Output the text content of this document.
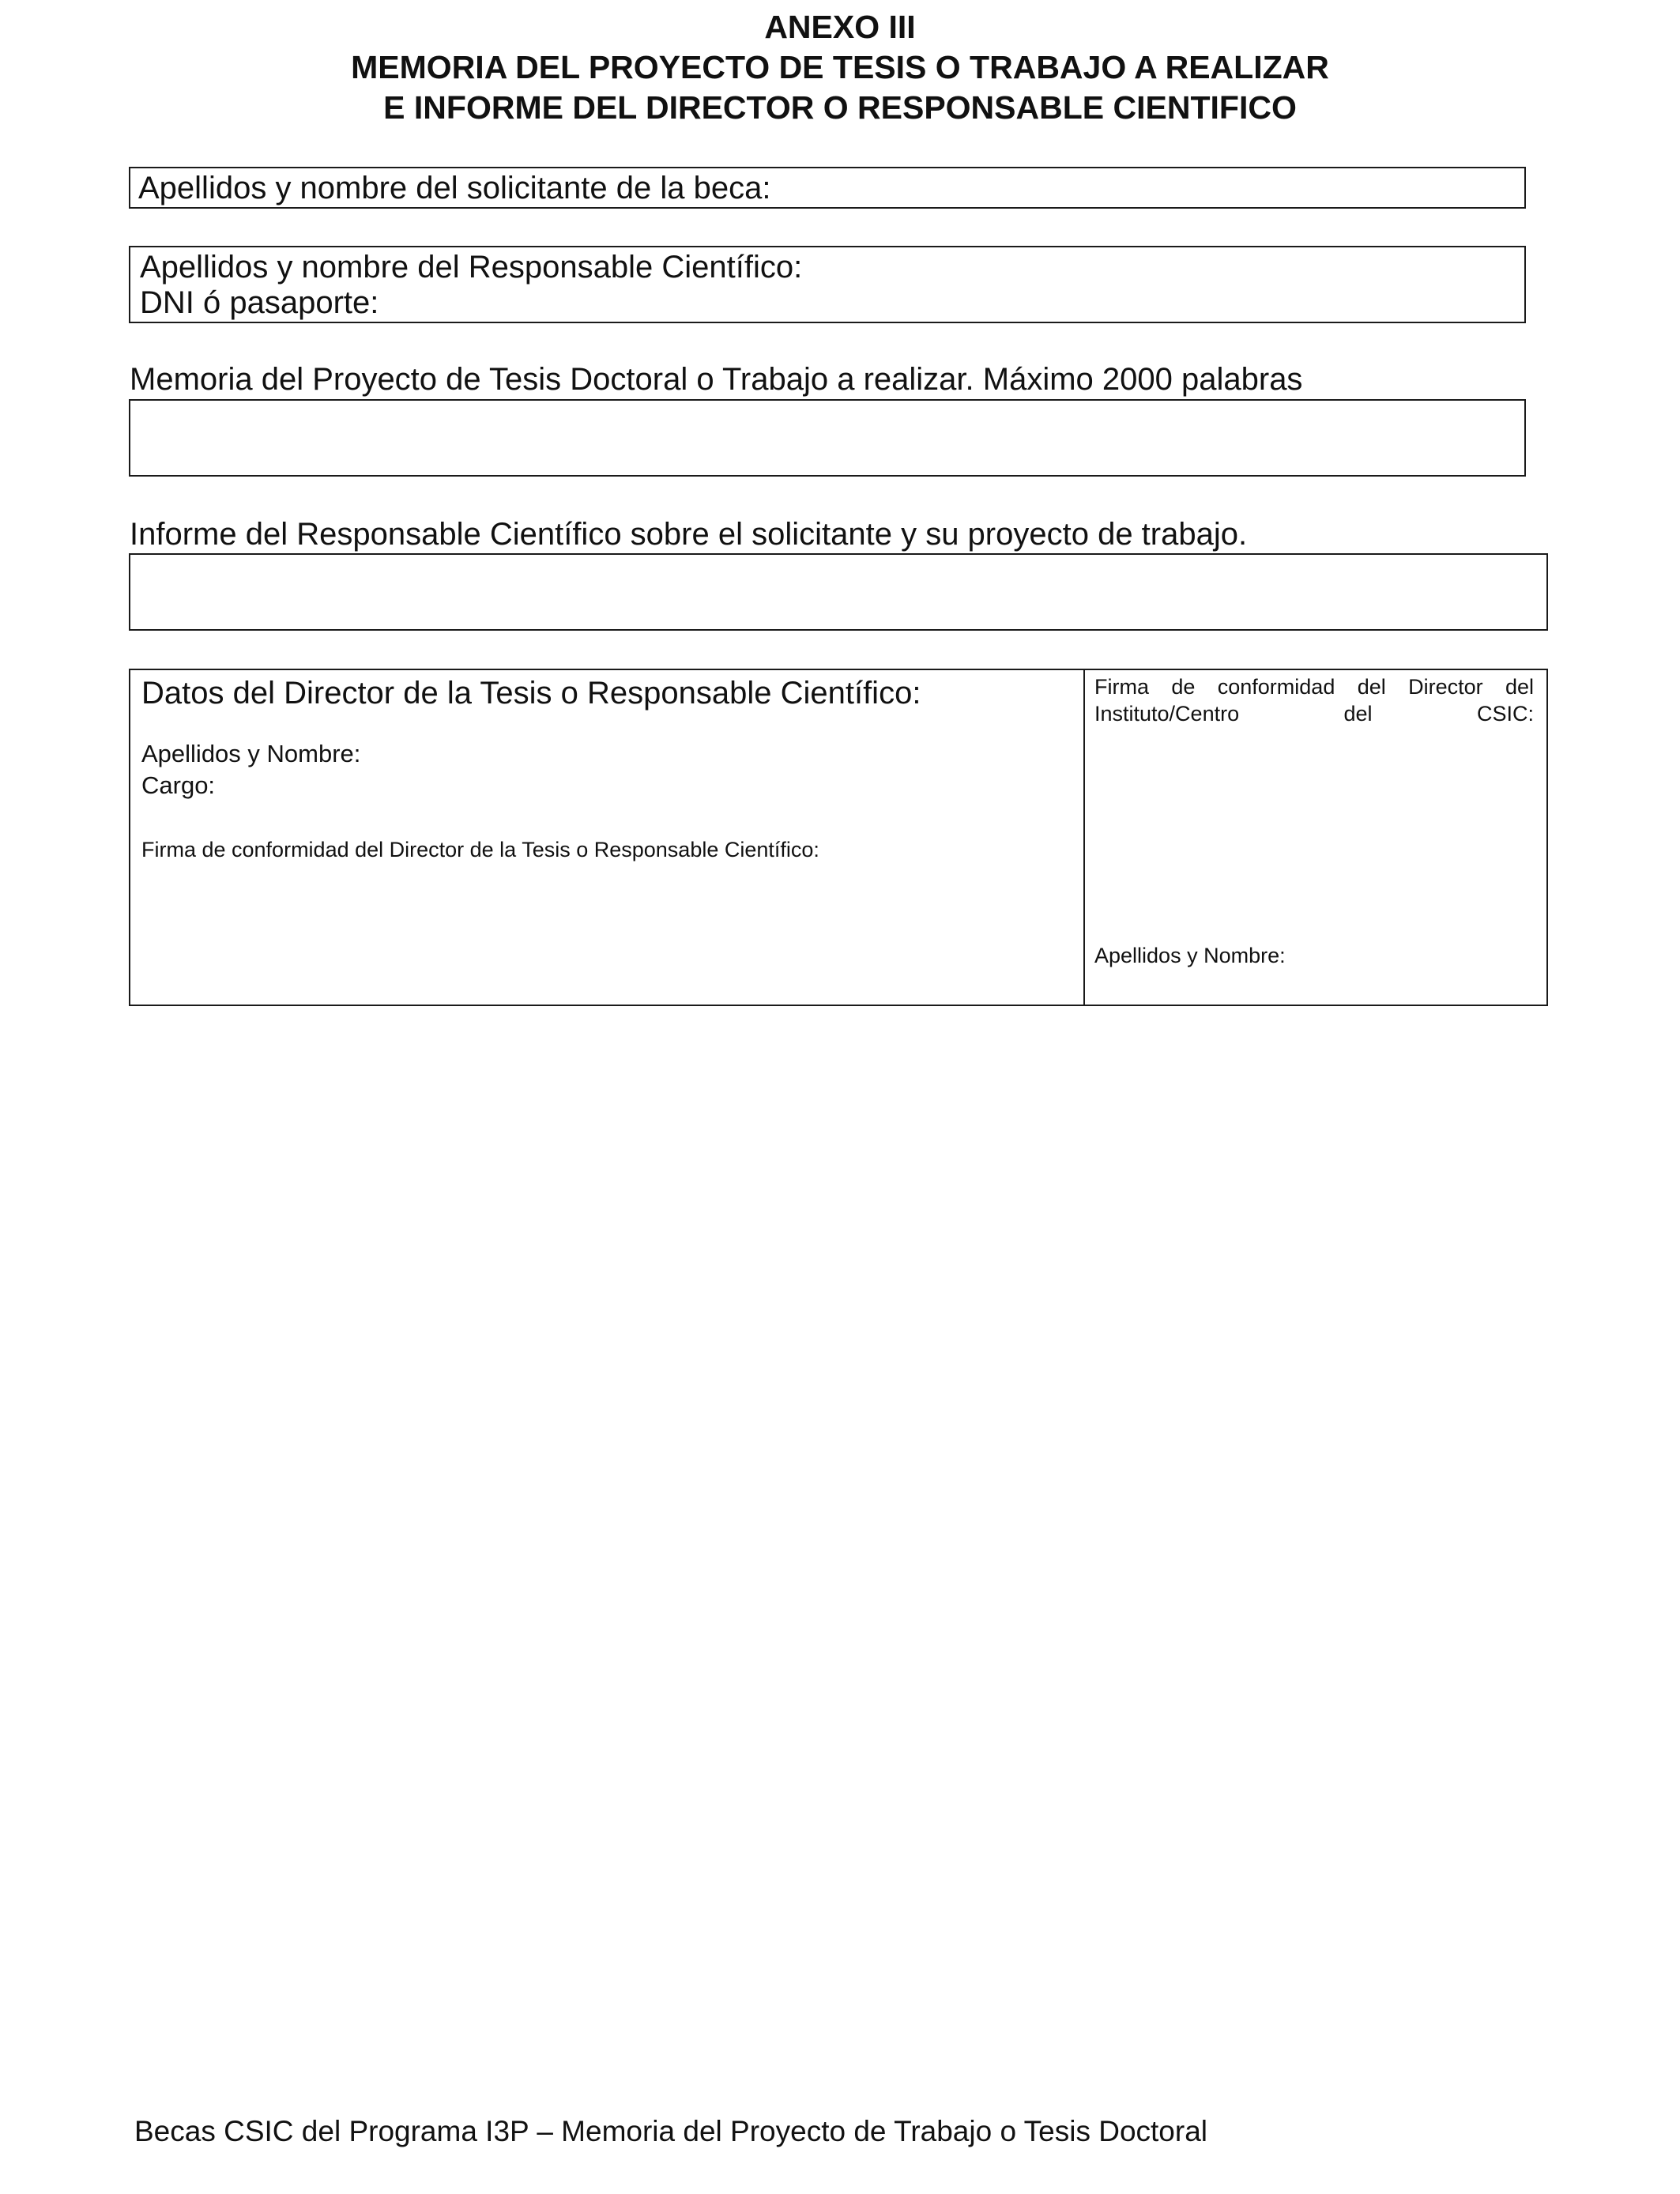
ANEXO III
MEMORIA DEL PROYECTO DE TESIS O TRABAJO A REALIZAR
E INFORME DEL DIRECTOR O RESPONSABLE CIENTIFICO
Apellidos y nombre del solicitante de la beca:
Apellidos y nombre del Responsable Científico:
DNI ó pasaporte:
Memoria del Proyecto de Tesis Doctoral o Trabajo a realizar. Máximo 2000 palabras
Informe del Responsable Científico sobre el solicitante y su proyecto de trabajo.
Datos del Director de la Tesis o Responsable Científico:
Apellidos y Nombre:
Cargo:
Firma de conformidad del Director de la Tesis o Responsable Científico:
Firma de conformidad del Director del Instituto/Centro del CSIC:
Apellidos y Nombre:
Becas CSIC del Programa I3P – Memoria del Proyecto de Trabajo o Tesis Doctoral
